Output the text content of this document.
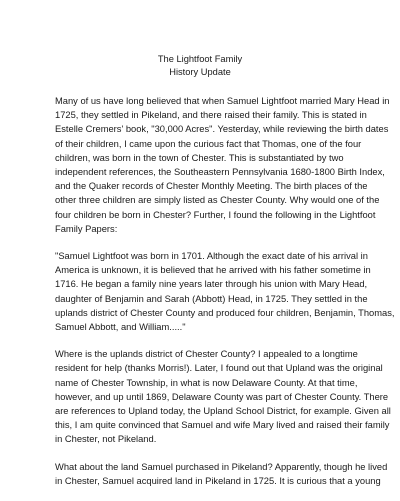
The Lightfoot Family
History Update

Many of us have long believed that when Samuel Lightfoot married Mary Head in
1725, they settled in Pikeland, and there raised their family. This is stated in
Estelle Cremers' book, "30,000 Acres". Yesterday, while reviewing the birth dates
of their children, I came upon the curious fact that Thomas, one of the four
children, was born in the town of Chester. This is substantiated by two
independent references, the Southeastern Pennsylvania 1680-1800 Birth Index,
and the Quaker records of Chester Monthly Meeting. The birth places of the
other three children are simply listed as Chester County. Why would one of the
four children be born in Chester? Further, I found the following in the Lightfoot
Family Papers:

"Samuel Lightfoot was born in 1701. Although the exact date of his arrival in
America is unknown, it is believed that he arrived with his father sometime in
1716. He began a family nine years later through his union with Mary Head,
daughter of Benjamin and Sarah (Abbott) Head, in 1725. They settled in the
uplands district of Chester County and produced four children, Benjamin, Thomas,
Samuel Abbott, and William....."

Where is the uplands district of Chester County? I appealed to a longtime
resident for help (thanks Morris!). Later, I found out that Upland was the original
name of Chester Township, in what is now Delaware County. At that time,
however, and up until 1869, Delaware County was part of Chester County. There
are references to Upland today, the Upland School District, for example. Given all
this, I am quite convinced that Samuel and wife Mary lived and raised their family
in Chester, not Pikeland.

What about the land Samuel purchased in Pikeland? Apparently, though he lived
in Chester, Samuel acquired land in Pikeland in 1725. It is curious that a young
